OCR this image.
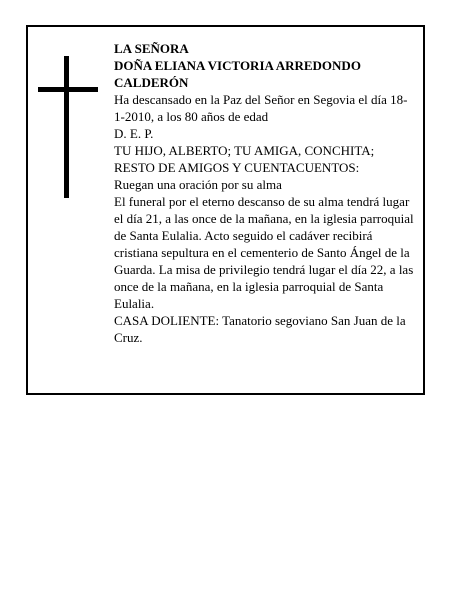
LA SEÑORA

DOÑA ELIANA VICTORIA ARREDONDO CALDERÓN

Ha descansado en la Paz del Señor en Segovia el día 18-1-2010, a los 80 años de edad

D. E. P.

TU HIJO, ALBERTO; TU AMIGA, CONCHITA; RESTO DE AMIGOS Y CUENTACUENTOS:

Ruegan una oración por su alma

El funeral por el eterno descanso de su alma tendrá lugar el día 21, a las once de la mañana, en la iglesia parroquial de Santa Eulalia. Acto seguido el cadáver recibirá cristiana sepultura en el cementerio de Santo Ángel de la Guarda. La misa de privilegio tendrá lugar el día 22, a las once de la mañana, en la iglesia parroquial de Santa Eulalia.

CASA DOLIENTE: Tanatorio segoviano San Juan de la Cruz.
